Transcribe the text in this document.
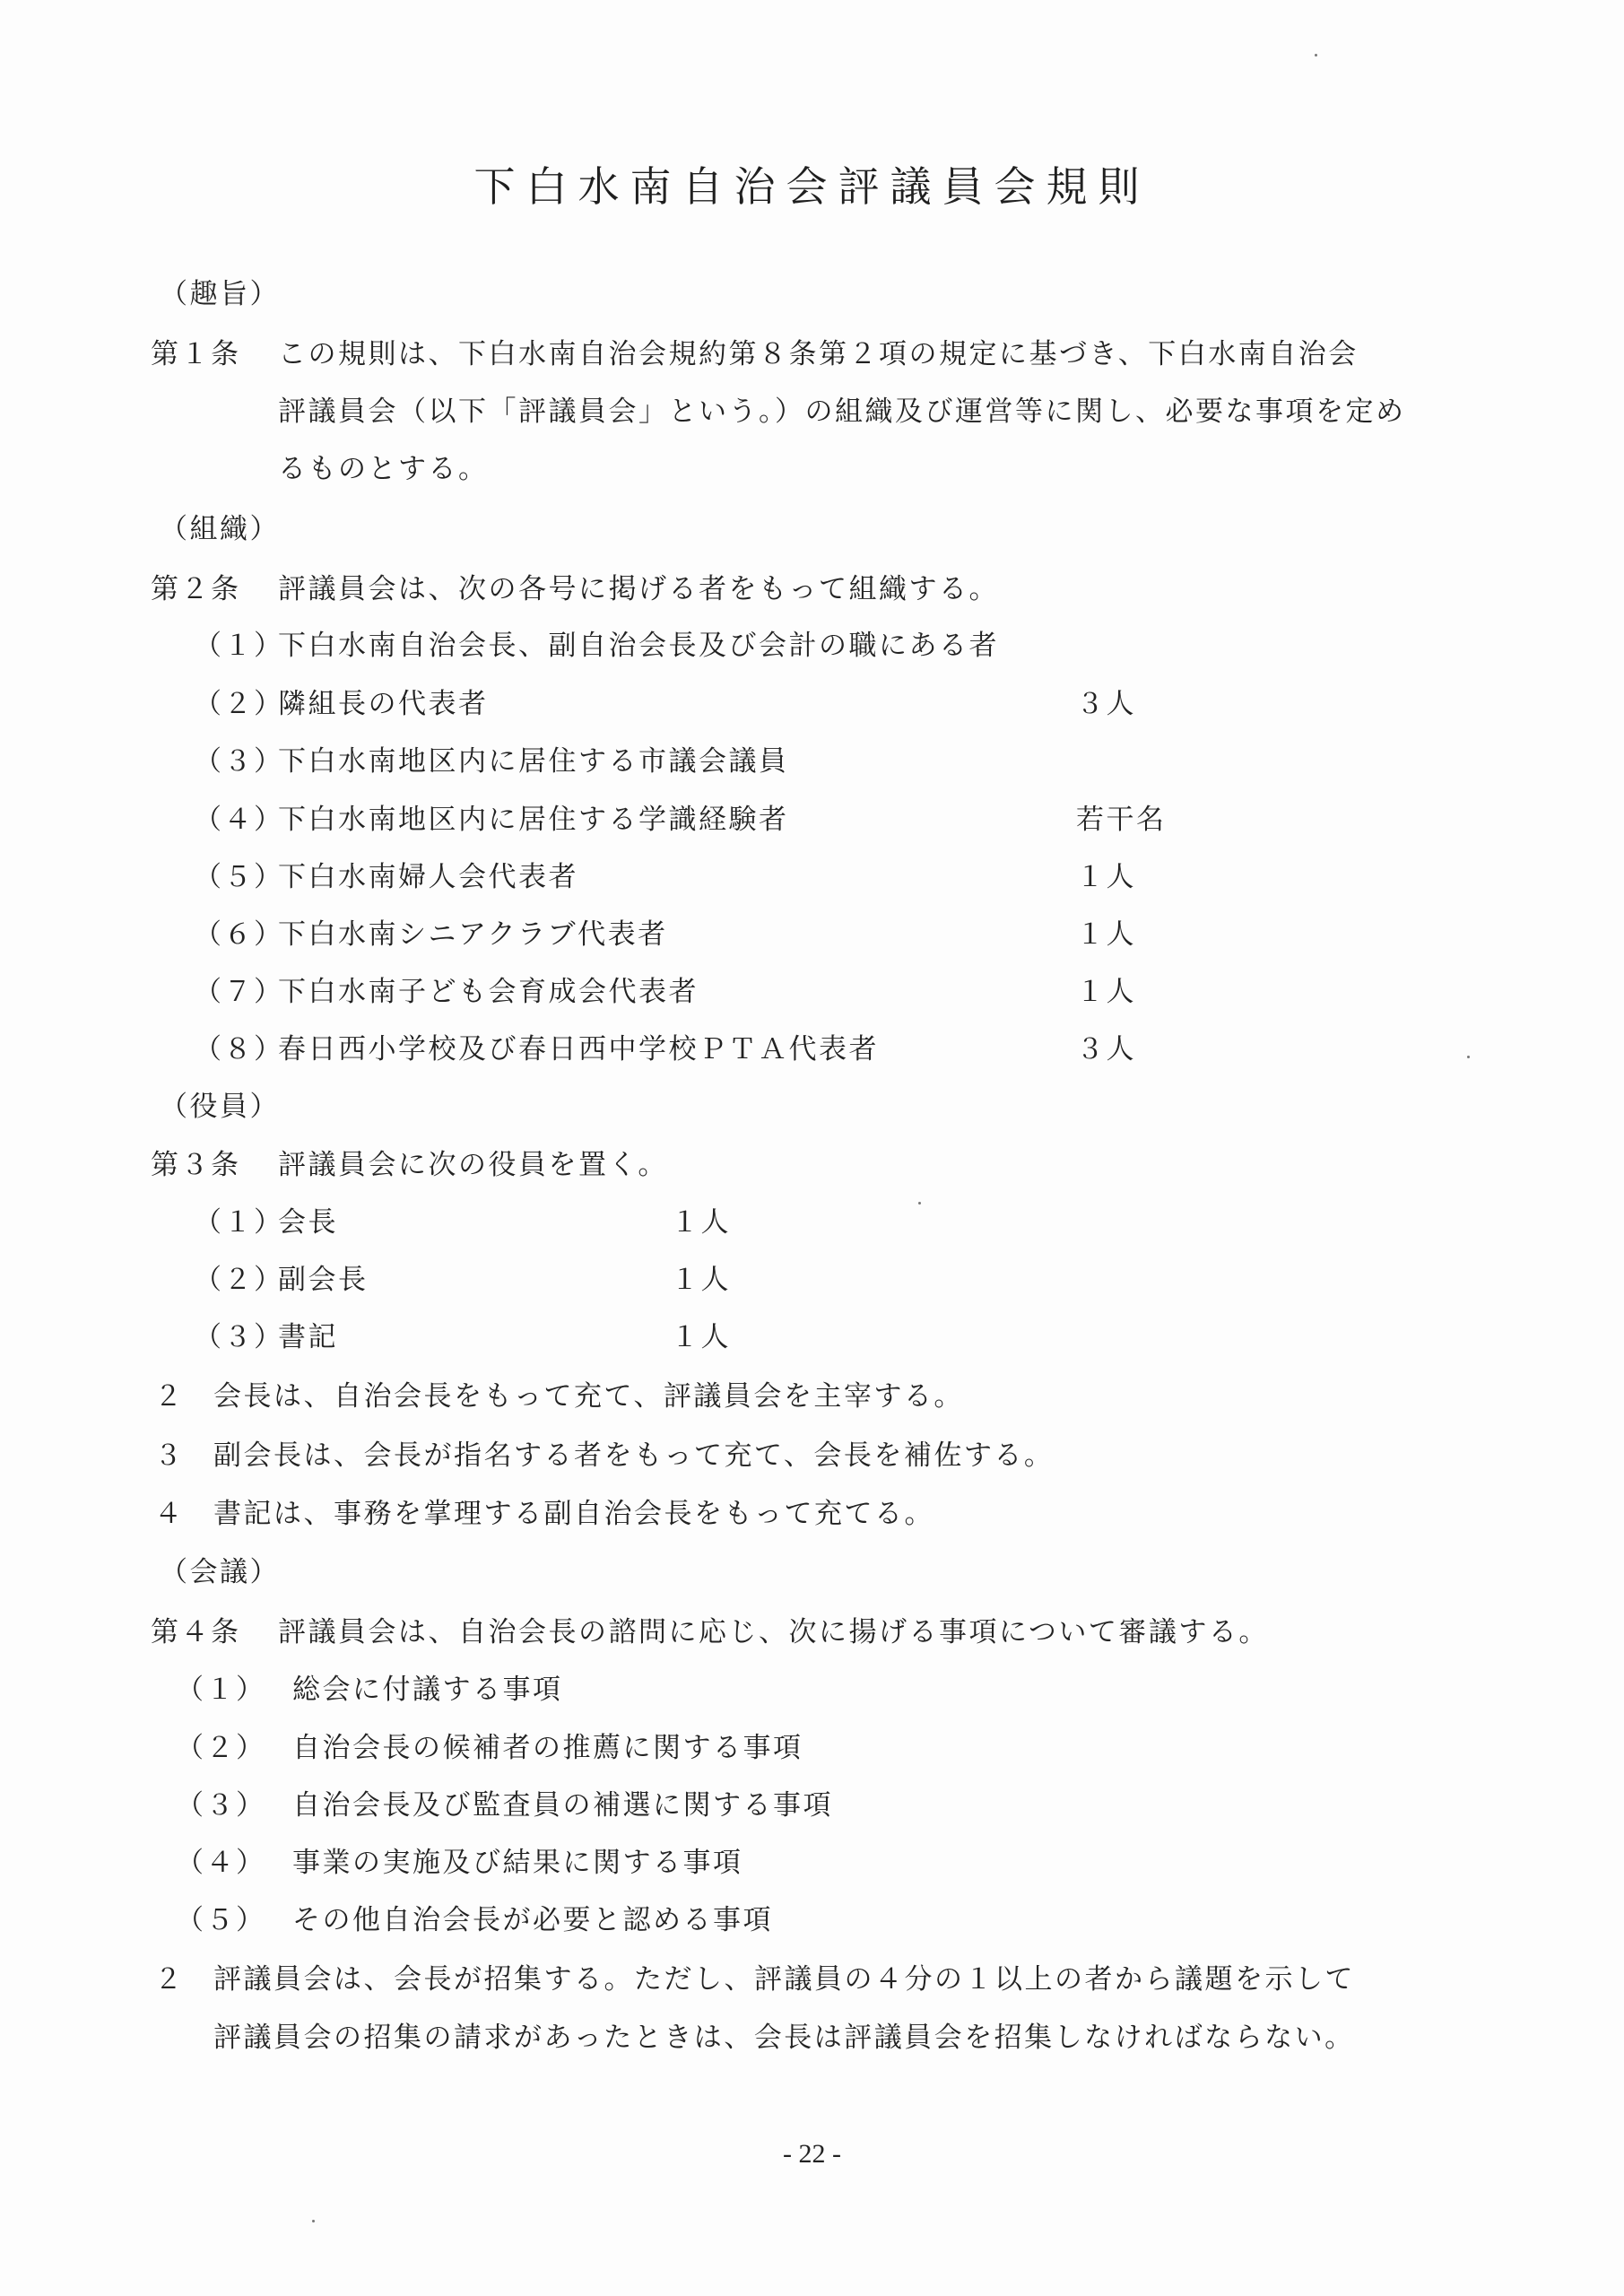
下白水南自治会評議員会規則
（趣旨）
第１条 この規則は、下白水南自治会規約第８条第２項の規定に基づき、下白水南自治会
評議員会（以下「評議員会」という。）の組織及び運営等に関し、必要な事項を定め
るものとする。
（組織）
第２条 評議員会は、次の各号に掲げる者をもって組織する。
（１）
下白水南自治会長、副自治会長及び会計の職にある者
（２）
隣組長の代表者	３人
（３）
下白水南地区内に居住する市議会議員
（４）
下白水南地区内に居住する学識経験者	若干名
（５）
下白水南婦人会代表者	１人
（６）
下白水南シニアクラブ代表者	１人
（７）
下白水南子ども会育成会代表者	１人
（８）
春日西小学校及び春日西中学校ＰＴＡ代表者	３人
（役員）
第３条 評議員会に次の役員を置く。
（１）
会長	１人
（２）
副会長	１人
（３）
書記	１人
２ 会長は、自治会長をもって充て、評議員会を主宰する。
３ 副会長は、会長が指名する者をもって充て、会長を補佐する。
４ 書記は、事務を掌理する副自治会長をもって充てる。
（会議）
第４条 評議員会は、自治会長の諮問に応じ、次に揚げる事項について審議する。
（１） 総会に付議する事項
（２） 自治会長の候補者の推薦に関する事項
（３） 自治会長及び監査員の補選に関する事項
（４） 事業の実施及び結果に関する事項
（５） その他自治会長が必要と認める事項
２ 評議員会は、会長が招集する。ただし、評議員の４分の１以上の者から議題を示して
評議員会の招集の請求があったときは、会長は評議員会を招集しなければならない。
- 22 -
